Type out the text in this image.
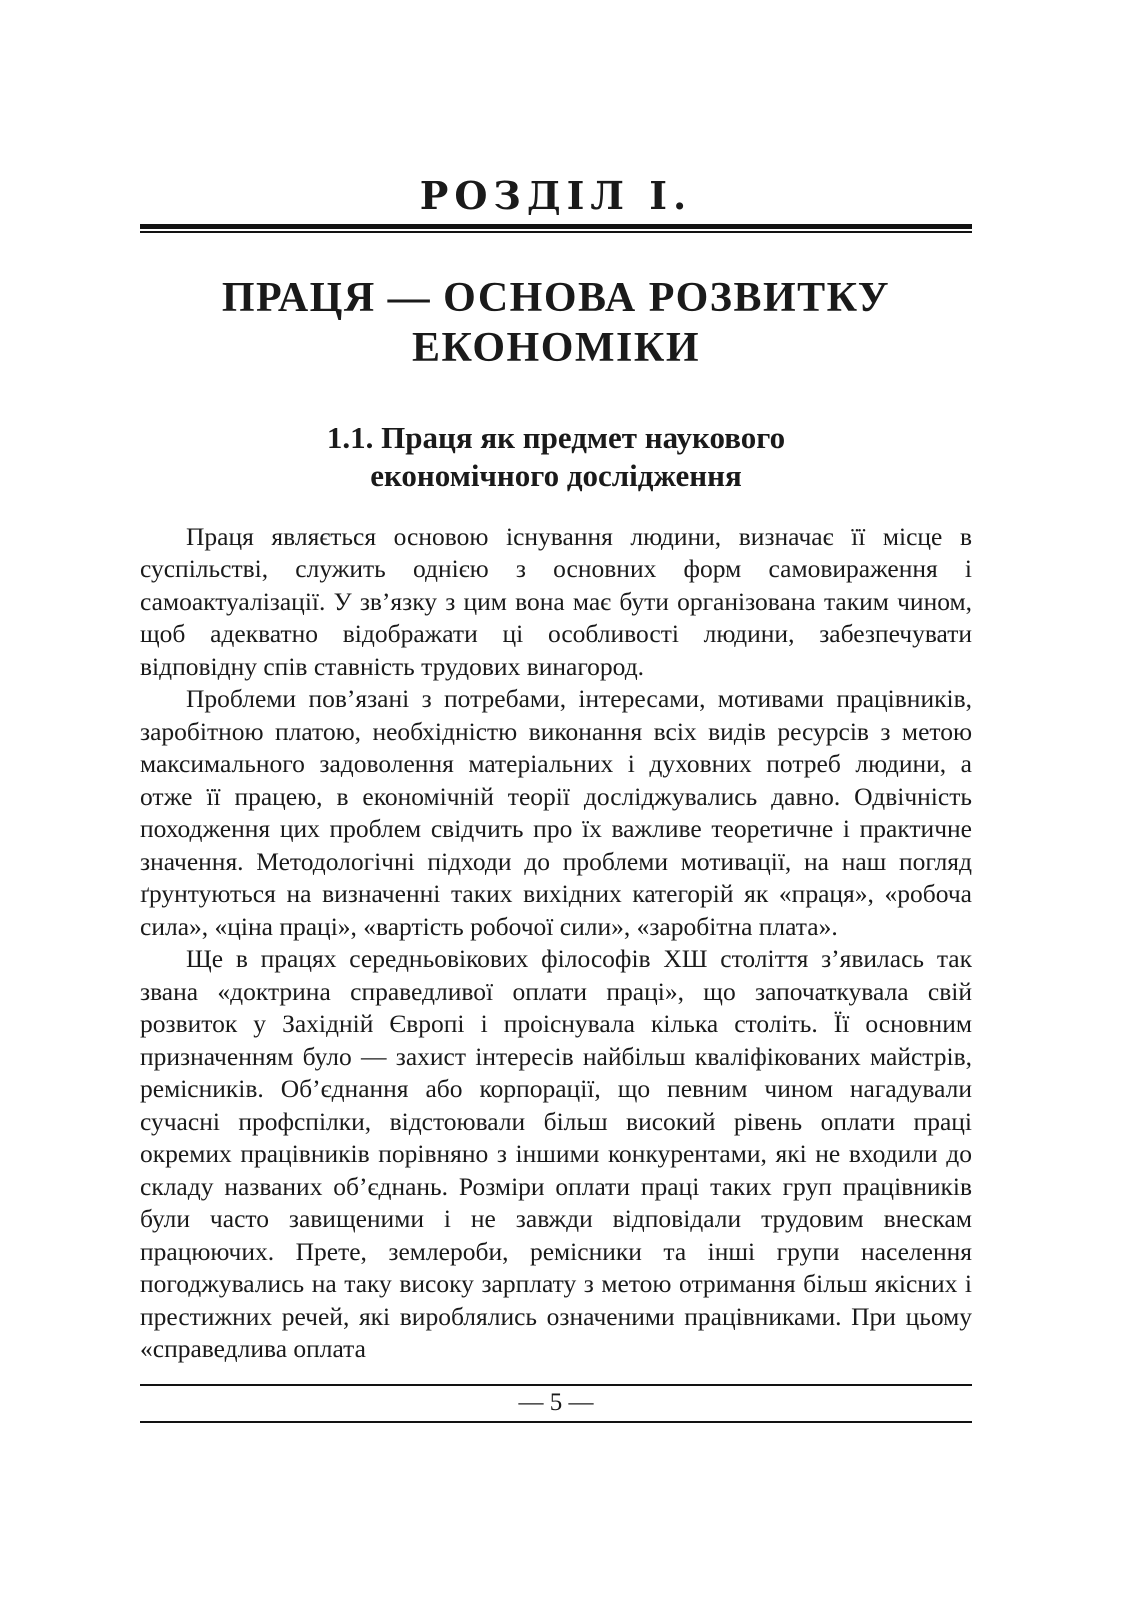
РОЗДІЛ І.
ПРАЦЯ — ОСНОВА РОЗВИТКУ
ЕКОНОМІКИ
1.1. Праця як предмет наукового
економічного дослідження

Праця являється основою існування людини, визначає її місце в суспільстві, служить однією з основних форм самовираження і самоактуалізації. У зв’язку з цим вона має бути організована таким чином, щоб адекватно відображати ці особливості людини, забезпечувати відповідну спів ставність трудових винагород.

Проблеми пов’язані з потребами, інтересами, мотивами працівників, заробітною платою, необхідністю виконання всіх видів ресурсів з метою максимального задоволення матеріальних і духовних потреб людини, а отже її працею, в економічній теорії досліджувались давно. Одвічність походження цих проблем свідчить про їх важливе теоретичне і практичне значення. Методологічні підходи до проблеми мотивації, на наш погляд ґрунтуються на визначенні таких вихідних категорій як «праця», «робоча сила», «ціна праці», «вартість робочої сили», «заробітна плата».

Ще в працях середньовікових філософів ХШ століття з’явилась так звана «доктрина справедливої оплати праці», що започаткувала свій розвиток у Західній Європі і проіснувала кілька століть. Її основним призначенням було — захист інтересів найбільш кваліфікованих майстрів, ремісників. Об’єднання або корпорації, що певним чином нагадували сучасні профспілки, відстоювали більш високий рівень оплати праці окремих працівників порівняно з іншими конкурентами, які не входили до складу названих об’єднань. Розміри оплати праці таких груп працівників були часто завищеними і не завжди відповідали трудовим внескам працюючих. Прете, землероби, ремісники та інші групи населення погоджувались на таку високу зарплату з метою отримання більш якісних і престижних речей, які вироблялись означеними працівниками. При цьому «справедлива оплата

— 5 —
